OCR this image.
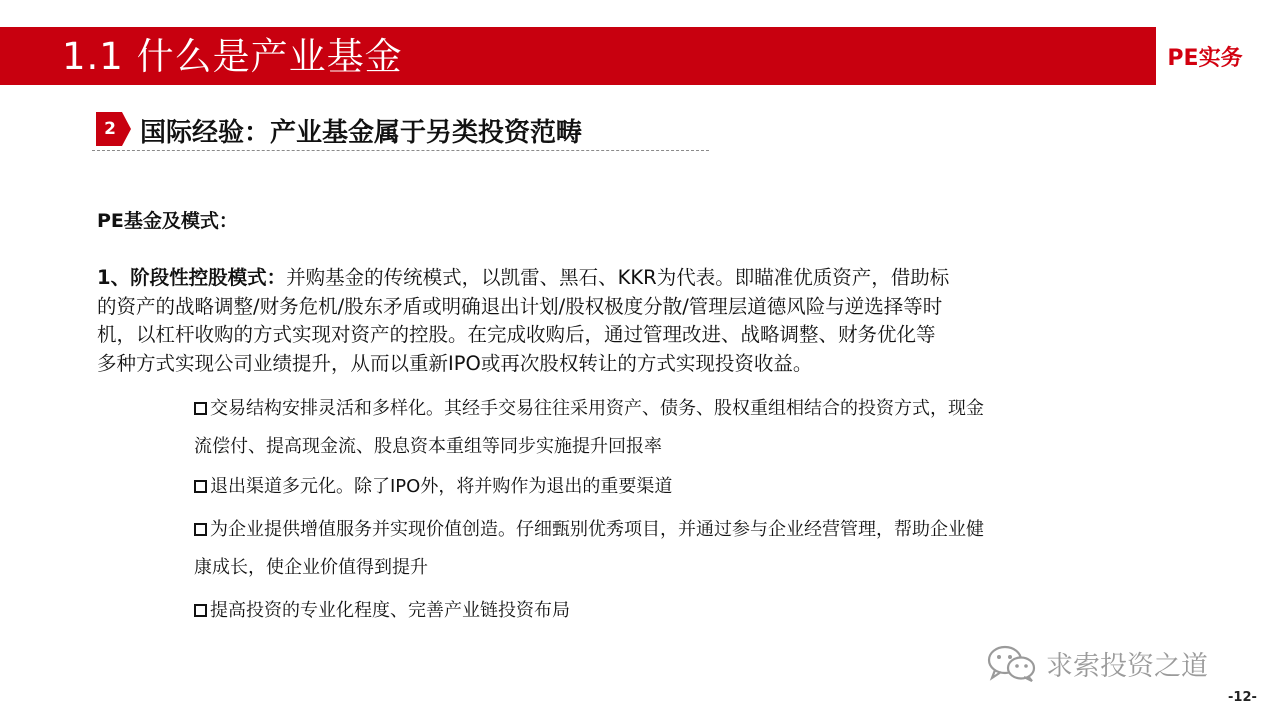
1.1 什么是产业基金	PE实务
2 国际经验：产业基金属于另类投资范畴
PE基金及模式：
1、阶段性控股模式：并购基金的传统模式，以凯雷、黑石、KKR为代表。即瞄准优质资产，借助标
的资产的战略调整/财务危机/股东矛盾或明确退出计划/股权极度分散/管理层道德风险与逆选择等时
机，以杠杆收购的方式实现对资产的控股。在完成收购后，通过管理改进、战略调整、财务优化等
多种方式实现公司业绩提升，从而以重新IPO或再次股权转让的方式实现投资收益。
交易结构安排灵活和多样化。其经手交易往往采用资产、债务、股权重组相结合的投资方式，现金
流偿付、提高现金流、股息资本重组等同步实施提升回报率
退出渠道多元化。除了IPO外，将并购作为退出的重要渠道
为企业提供增值服务并实现价值创造。仔细甄别优秀项目，并通过参与企业经营管理，帮助企业健
康成长，使企业价值得到提升
提高投资的专业化程度、完善产业链投资布局
求索投资之道
-12-
